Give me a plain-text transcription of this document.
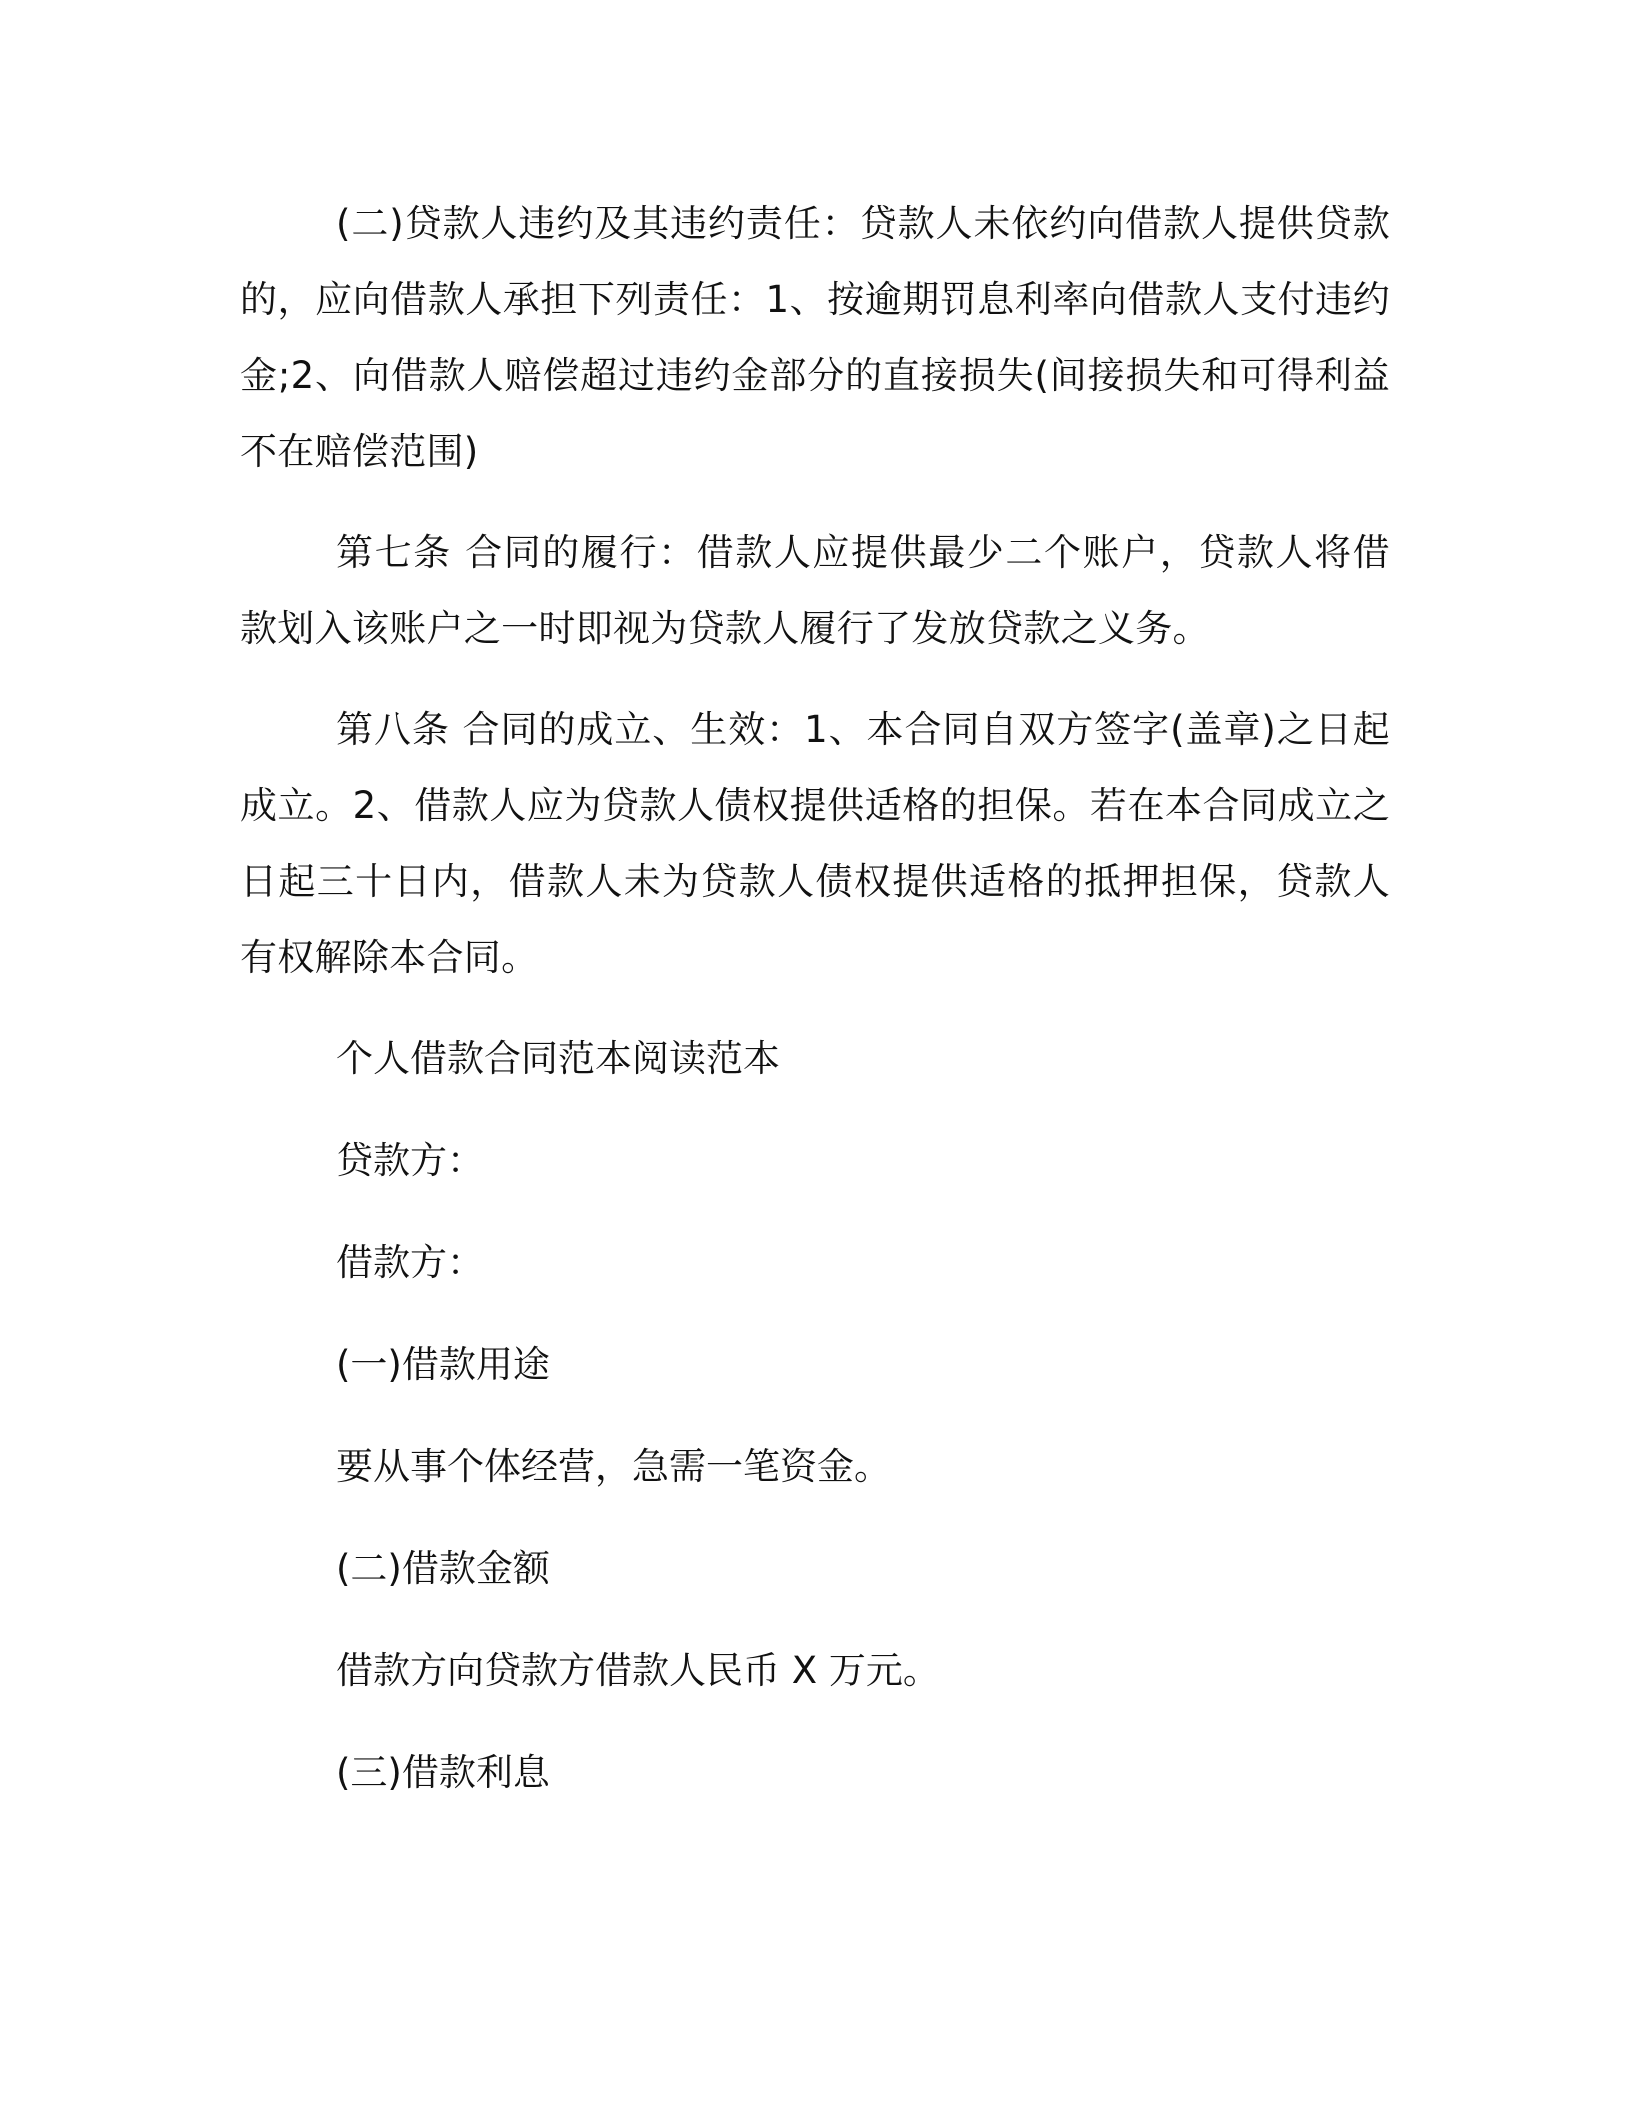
(二)贷款人违约及其违约责任：贷款人未依约向借款人提供贷款的，应向借款人承担下列责任：1、按逾期罚息利率向借款人支付违约金;2、向借款人赔偿超过违约金部分的直接损失(间接损失和可得利益不在赔偿范围)

第七条 合同的履行：借款人应提供最少二个账户，贷款人将借款划入该账户之一时即视为贷款人履行了发放贷款之义务。

第八条 合同的成立、生效：1、本合同自双方签字(盖章)之日起成立。2、借款人应为贷款人债权提供适格的担保。若在本合同成立之日起三十日内，借款人未为贷款人债权提供适格的抵押担保，贷款人有权解除本合同。

个人借款合同范本阅读范本

贷款方：

借款方：

(一)借款用途

要从事个体经营，急需一笔资金。

(二)借款金额

借款方向贷款方借款人民币 X 万元。

(三)借款利息
